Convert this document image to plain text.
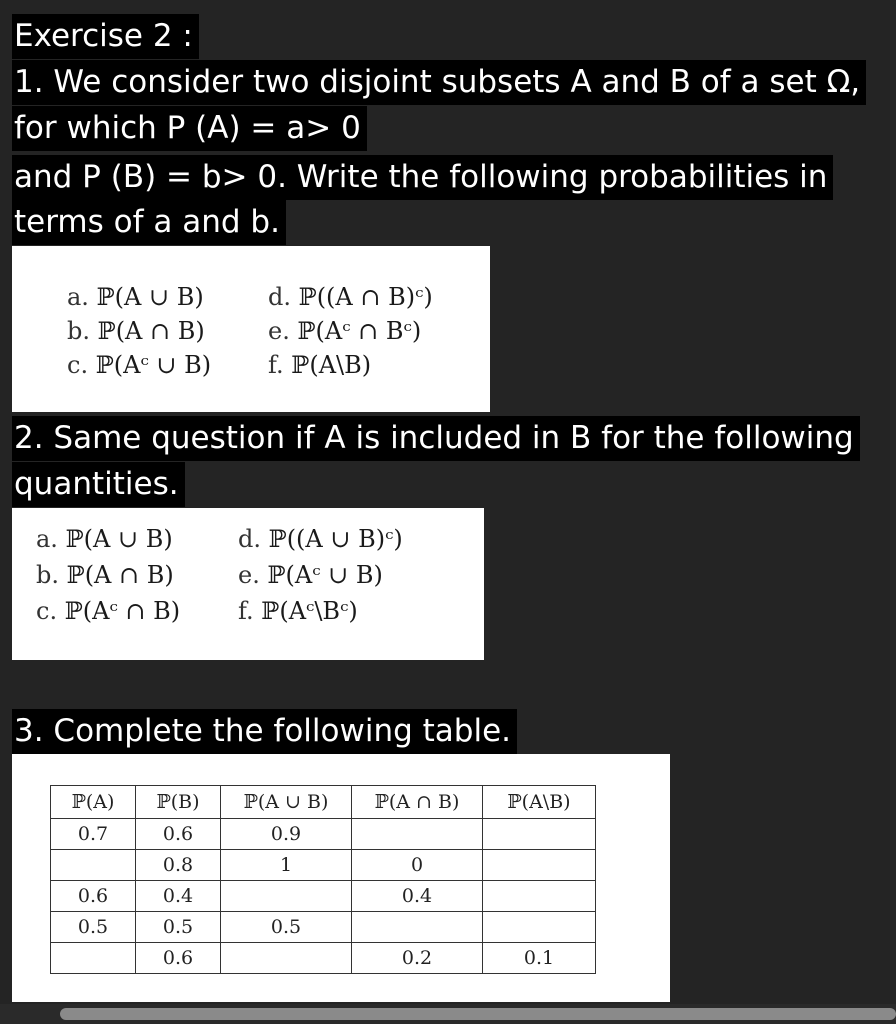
Exercise 2 :
1. We consider two disjoint subsets A and B of a set Ω,
for which P (A) = a> 0
and P (B) = b> 0. Write the following probabilities in
terms of a and b.
a. ℙ(A ∪ B)
b. ℙ(A ∩ B)
c. ℙ(Aᶜ ∪ B)
d. ℙ((A ∩ B)ᶜ)
e. ℙ(Aᶜ ∩ Bᶜ)
f. ℙ(A\B)
2. Same question if A is included in B for the following
quantities.
a. ℙ(A ∪ B)
b. ℙ(A ∩ B)
c. ℙ(Aᶜ ∩ B)
d. ℙ((A ∪ B)ᶜ)
e. ℙ(Aᶜ ∪ B)
f. ℙ(Aᶜ\Bᶜ)
3. Complete the following table.
ℙ(A)	ℙ(B)	ℙ(A ∪ B)	ℙ(A ∩ B)	ℙ(A\B)
0.7	0.6	0.9		
	0.8	1	0	
0.6	0.4		0.4	
0.5	0.5	0.5		
	0.6		0.2	0.1
